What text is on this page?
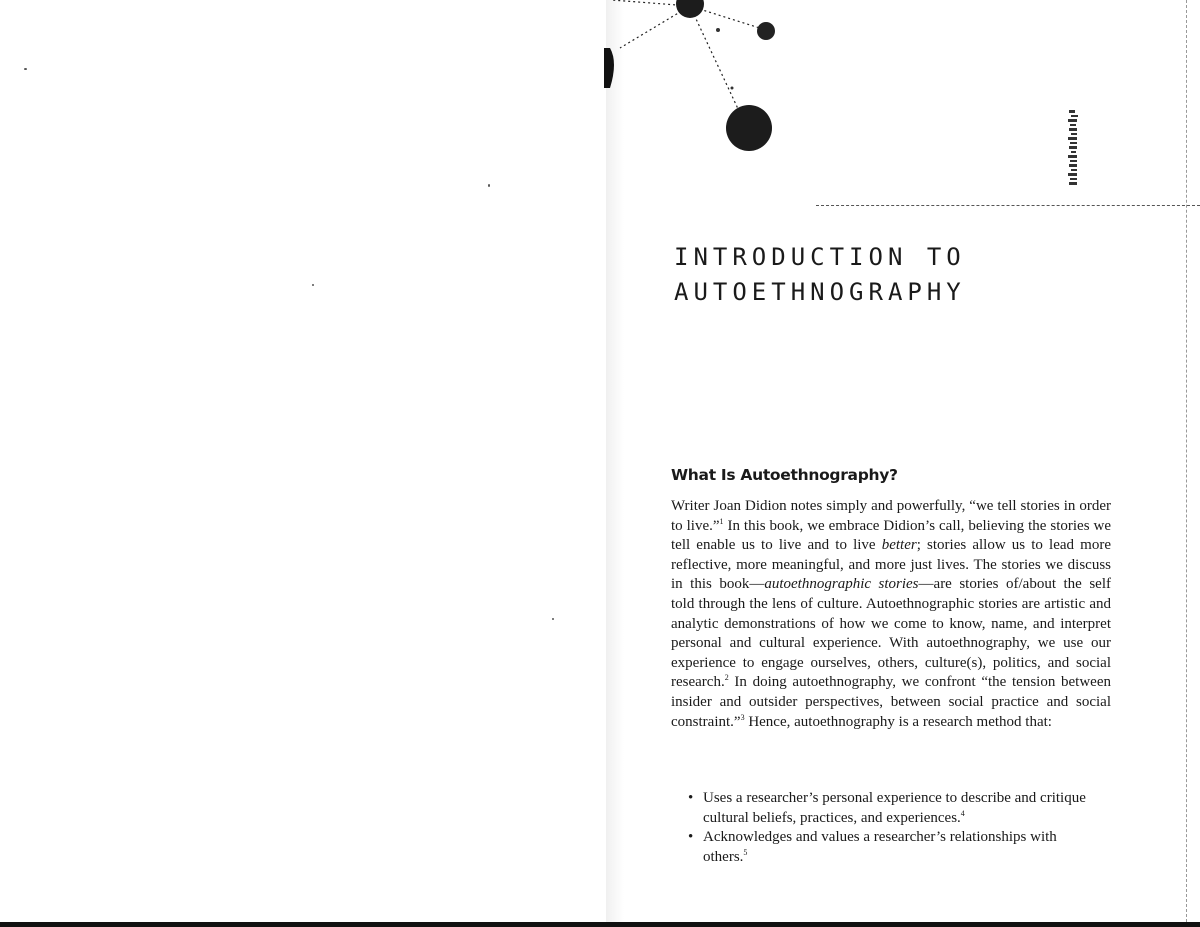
INTRODUCTION TO
AUTOETHNOGRAPHY
What Is Autoethnography?

Writer Joan Didion notes simply and powerfully, “we tell stories in order to live.”$^1$ In this book, we embrace Didion’s call, believing the stories we tell enable us to live and to live better; stories allow us to lead more reflective, more meaningful, and more just lives. The stories we discuss in this book—autoethnographic stories—are stories of/about the self told through the lens of culture. Autoethnographic stories are artistic and analytic demonstrations of how we come to know, name, and interpret personal and cultural experience. With autoethnography, we use our experience to engage ourselves, others, culture(s), politics, and social research.$^2$ In doing autoethnography, we confront “the tension between insider and outsider perspectives, between social practice and social constraint.”$^3$ Hence, autoethnography is a research method that:

• Uses a researcher’s personal experience to describe and critique cultural beliefs, practices, and experiences.$^4$
• Acknowledges and values a researcher’s relationships with others.$^5$
